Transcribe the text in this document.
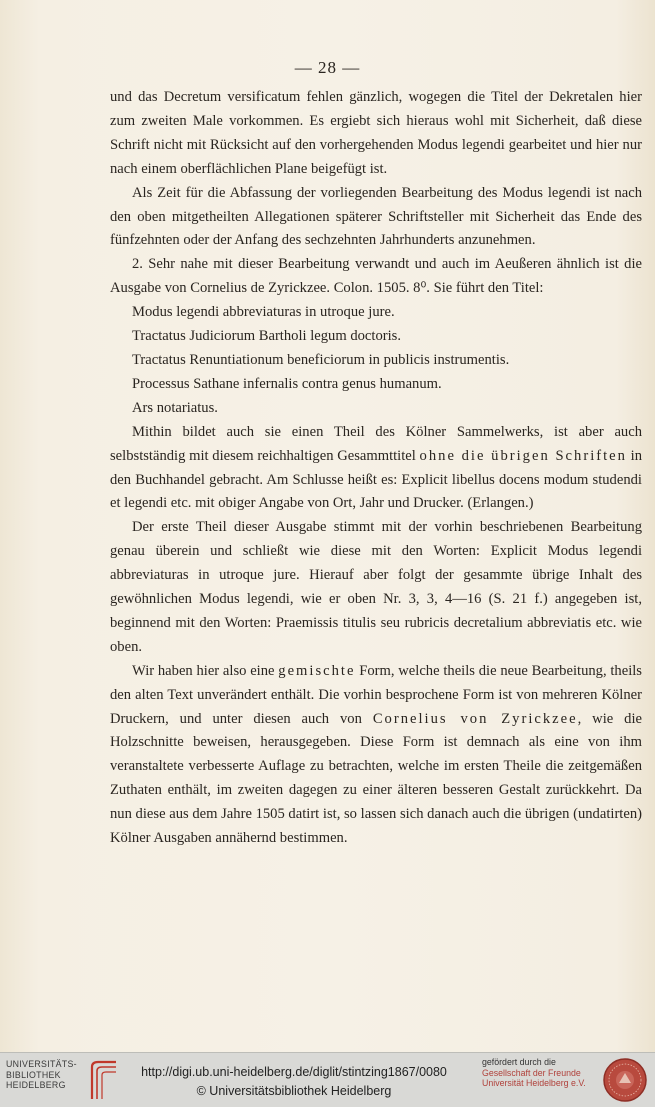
— 28 —

und das Decretum versificatum fehlen gänzlich, wogegen die Titel der Dekretalen hier zum zweiten Male vorkommen. Es ergiebt sich hieraus wohl mit Sicherheit, daß diese Schrift nicht mit Rücksicht auf den vorhergehenden Modus legendi gearbeitet und hier nur nach einem oberflächlichen Plane beigefügt ist.

Als Zeit für die Abfassung der vorliegenden Bearbeitung des Modus legendi ist nach den oben mitgetheilten Allegationen späterer Schriftsteller mit Sicherheit das Ende des fünfzehnten oder der Anfang des sechzehnten Jahrhunderts anzunehmen.

2. Sehr nahe mit dieser Bearbeitung verwandt und auch im Aeußeren ähnlich ist die Ausgabe von Cornelius de Zyrickzee. Colon. 1505. 8⁰. Sie führt den Titel:

Modus legendi abbreviaturas in utroque jure.

Tractatus Judiciorum Bartholi legum doctoris.

Tractatus Renuntiationum beneficiorum in publicis instrumentis.

Processus Sathane infernalis contra genus humanum.

Ars notariatus.

Mithin bildet auch sie einen Theil des Kölner Sammelwerks, ist aber auch selbstständig mit diesem reichhaltigen Gesammttitel ohne die übrigen Schriften in den Buchhandel gebracht. Am Schlusse heißt es: Explicit libellus docens modum studendi et legendi etc. mit obiger Angabe von Ort, Jahr und Drucker. (Erlangen.)

Der erste Theil dieser Ausgabe stimmt mit der vorhin beschriebenen Bearbeitung genau überein und schließt wie diese mit den Worten: Explicit Modus legendi abbreviaturas in utroque jure. Hierauf aber folgt der gesammte übrige Inhalt des gewöhnlichen Modus legendi, wie er oben Nr. 3, 3, 4—16 (S. 21 f.) angegeben ist, beginnend mit den Worten: Praemissis titulis seu rubricis decretalium abbreviatis etc. wie oben.

Wir haben hier also eine gemischte Form, welche theils die neue Bearbeitung, theils den alten Text unverändert enthält. Die vorhin besprochene Form ist von mehreren Kölner Druckern, und unter diesen auch von Cornelius von Zyrickzee, wie die Holzschnitte beweisen, herausgegeben. Diese Form ist demnach als eine von ihm veranstaltete verbesserte Auflage zu betrachten, welche im ersten Theile die zeitgemäßen Zuthaten enthält, im zweiten dagegen zu einer älteren besseren Gestalt zurückkehrt. Da nun diese aus dem Jahre 1505 datirt ist, so lassen sich danach auch die übrigen (undatirten) Kölner Ausgaben annähernd bestimmen.

UNIVERSITÄTS-
BIBLIOTHEK
HEIDELBERG
http://digi.ub.uni-heidelberg.de/diglit/stintzing1867/0080
© Universitätsbibliothek Heidelberg
gefördert durch die
Gesellschaft der Freunde
Universität Heidelberg e.V.
